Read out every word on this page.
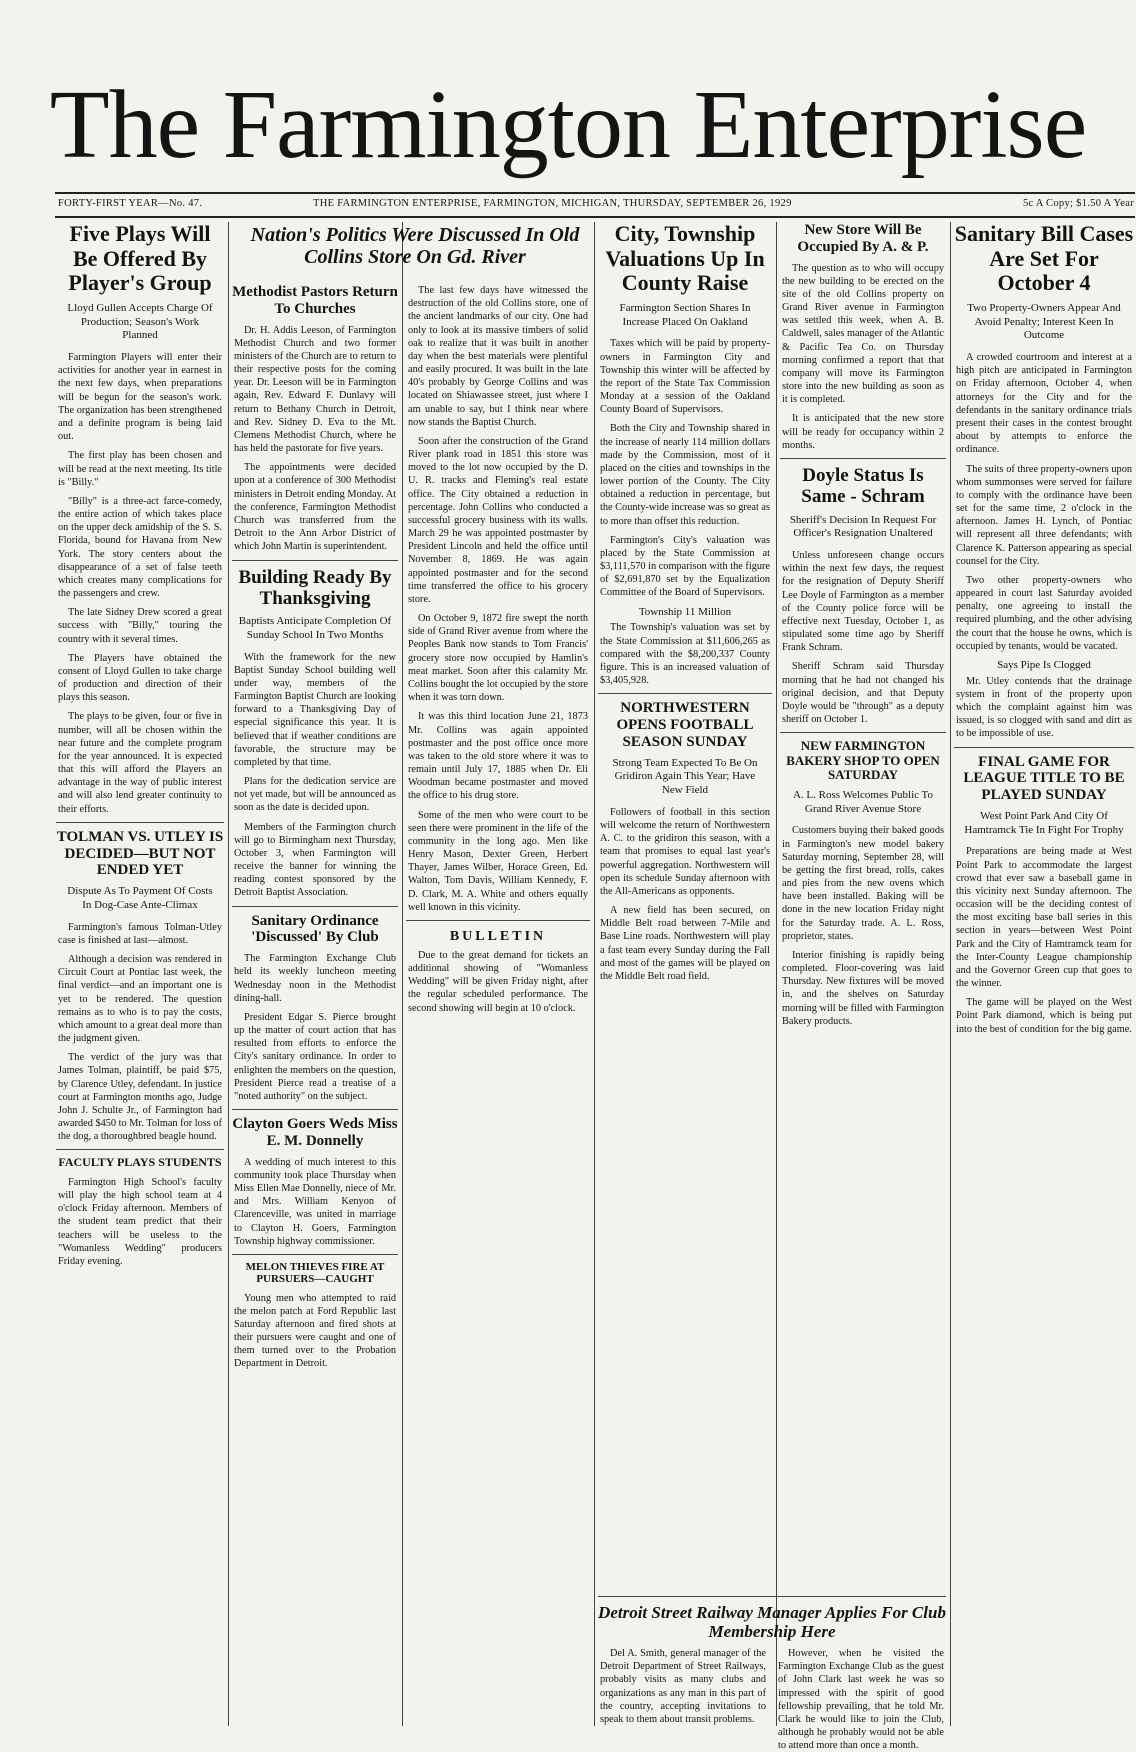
The Farmington Enterprise
FORTY-FIRST YEAR—No. 47.	THE FARMINGTON ENTERPRISE, FARMINGTON, MICHIGAN, THURSDAY, SEPTEMBER 26, 1929	5c A Copy; $1.50 A Year
Five Plays Will Be Offered By Player's Group
Lloyd Gullen Accepts Charge Of Production; Season's Work Planned

Farmington Players will enter their activities for another year in earnest in the next few days, when preparations will be begun for the season's work. The organization has been strengthened and a definite program is being laid out.

The first play has been chosen and will be read at the next meeting. Its title is "Billy."

"Billy" is a three-act farce-comedy, the entire action of which takes place on the upper deck amidship of the S. S. Florida, bound for Havana from New York. The story centers about the disappearance of a set of false teeth which creates many complications for the passengers and crew.

The late Sidney Drew scored a great success with "Billy," touring the country with it several times.

The Players have obtained the consent of Lloyd Gullen to take charge of production and direction of their plays this season.

The plays to be given, four or five in number, will all be chosen within the near future and the complete program for the year announced. It is expected that this will afford the Players an advantage in the way of public interest and will also lend greater continuity to their efforts.

TOLMAN VS. UTLEY IS DECIDED—BUT NOT ENDED YET
Dispute As To Payment Of Costs In Dog-Case Ante-Climax

Farmington's famous Tolman-Utley case is finished at last—almost.

Although a decision was rendered in Circuit Court at Pontiac last week, the final verdict—and an important one is yet to be rendered. The question remains as to who is to pay the costs, which amount to a great deal more than the judgment given.

The verdict of the jury was that James Tolman, plaintiff, be paid $75, by Clarence Utley, defendant. In justice court at Farmington months ago, Judge John J. Schulte Jr., of Farmington had awarded $450 to Mr. Tolman for loss of the dog, a thoroughbred beagle hound.

FACULTY PLAYS STUDENTS

Farmington High School's faculty will play the high school team at 4 o'clock Friday afternoon. Members of the student team predict that their teachers will be useless to the "Womanless Wedding" producers Friday evening.

Nation's Politics Were Discussed In Old Collins Store On Gd. River
Methodist Pastors Return To Churches

Dr. H. Addis Leeson, of Farmington Methodist Church and two former ministers of the Church are to return to their respective posts for the coming year. Dr. Leeson will be in Farmington again, Rev. Edward F. Dunlavy will return to Bethany Church in Detroit, and Rev. Sidney D. Eva to the Mt. Clemens Methodist Church, where he has held the pastorate for five years.

The appointments were decided upon at a conference of 300 Methodist ministers in Detroit ending Monday. At the conference, Farmington Methodist Church was transferred from the Detroit to the Ann Arbor District of which John Martin is superintendent.

Building Ready By Thanksgiving
Baptists Anticipate Completion Of Sunday School In Two Months

With the framework for the new Baptist Sunday School building well under way, members of the Farmington Baptist Church are looking forward to a Thanksgiving Day of especial significance this year. It is believed that if weather conditions are favorable, the structure may be completed by that time.

Plans for the dedication service are not yet made, but will be announced as soon as the date is decided upon.

Members of the Farmington church will go to Birmingham next Thursday, October 3, when Farmington will receive the banner for winning the reading contest sponsored by the Detroit Baptist Association.

Sanitary Ordinance 'Discussed' By Club

The Farmington Exchange Club held its weekly luncheon meeting Wednesday noon in the Methodist dining-hall.

President Edgar S. Pierce brought up the matter of court action that has resulted from efforts to enforce the City's sanitary ordinance. In order to enlighten the members on the question, President Pierce read a treatise of a "noted authority" on the subject.

Clayton Goers Weds Miss E. M. Donnelly

A wedding of much interest to this community took place Thursday when Miss Ellen Mae Donnelly, niece of Mr. and Mrs. William Kenyon of Clarenceville, was united in marriage to Clayton H. Goers, Farmington Township highway commissioner.

MELON THIEVES FIRE AT PURSUERS—CAUGHT

Young men who attempted to raid the melon patch at Ford Republic last Saturday afternoon and fired shots at their pursuers were caught and one of them turned over to the Probation Department in Detroit.

The last few days have witnessed the destruction of the old Collins store, one of the ancient landmarks of our city. One had only to look at its massive timbers of solid oak to realize that it was built in another day when the best materials were plentiful and easily procured. It was built in the late 40's probably by George Collins and was located on Shiawassee street, just where I am unable to say, but I think near where now stands the Baptist Church.

Soon after the construction of the Grand River plank road in 1851 this store was moved to the lot now occupied by the D. U. R. tracks and Fleming's real estate office. The City obtained a reduction in percentage. John Collins who conducted a successful grocery business with its walls. March 29 he was appointed postmaster by President Lincoln and held the office until November 8, 1869. He was again appointed postmaster and for the second time transferred the office to his grocery store.

On October 9, 1872 fire swept the north side of Grand River avenue from where the Peoples Bank now stands to Tom Francis' grocery store now occupied by Hamlin's meat market. Soon after this calamity Mr. Collins bought the lot occupied by the store when it was torn down.

It was this third location June 21, 1873 Mr. Collins was again appointed postmaster and the post office once more was taken to the old store where it was to remain until July 17, 1885 when Dr. Eli Woodman became postmaster and moved the office to his drug store.

Some of the men who were court to be seen there were prominent in the life of the community in the long ago. Men like Henry Mason, Dexter Green, Herbert Thayer, James Wilber, Horace Green, Ed. Walton, Tom Davis, William Kennedy, F. D. Clark, M. A. White and others equally well known in this vicinity.

BULLETIN

Due to the great demand for tickets an additional showing of "Womanless Wedding" will be given Friday night, after the regular scheduled performance. The second showing will begin at 10 o'clock.

City, Township Valuations Up In County Raise
Farmington Section Shares In Increase Placed On Oakland

Taxes which will be paid by property-owners in Farmington City and Township this winter will be affected by the report of the State Tax Commission Monday at a session of the Oakland County Board of Supervisors.

Both the City and Township shared in the increase of nearly 114 million dollars made by the Commission, most of it placed on the cities and townships in the lower portion of the County. The City obtained a reduction in percentage, but the County-wide increase was so great as to more than offset this reduction.

Farmington's City's valuation was placed by the State Commission at $3,111,570 in comparison with the figure of $2,691,870 set by the Equalization Committee of the Board of Supervisors.

Township 11 Million

The Township's valuation was set by the State Commission at $11,606,265 as compared with the $8,200,337 County figure. This is an increased valuation of $3,405,928.

NORTHWESTERN OPENS FOOTBALL SEASON SUNDAY
Strong Team Expected To Be On Gridiron Again This Year; Have New Field

Followers of football in this section will welcome the return of Northwestern A. C. to the gridiron this season, with a team that promises to equal last year's powerful aggregation. Northwestern will open its schedule Sunday afternoon with the All-Americans as opponents.

A new field has been secured, on Middle Belt road between 7-Mile and Base Line roads. Northwestern will play a fast team every Sunday during the Fall and most of the games will be played on the Middle Belt road field.

New Store Will Be Occupied By A. & P.

The question as to who will occupy the new building to be erected on the site of the old Collins property on Grand River avenue in Farmington was settled this week, when A. B. Caldwell, sales manager of the Atlantic & Pacific Tea Co. on Thursday morning confirmed a report that that company will move its Farmington store into the new building as soon as it is completed.

It is anticipated that the new store will be ready for occupancy within 2 months.

Doyle Status Is Same - Schram
Sheriff's Decision In Request For Officer's Resignation Unaltered

Unless unforeseen change occurs within the next few days, the request for the resignation of Deputy Sheriff Lee Doyle of Farmington as a member of the County police force will be effective next Tuesday, October 1, as stipulated some time ago by Sheriff Frank Schram.

Sheriff Schram said Thursday morning that he had not changed his original decision, and that Deputy Doyle would be "through" as a deputy sheriff on October 1.

NEW FARMINGTON BAKERY SHOP TO OPEN SATURDAY
A. L. Ross Welcomes Public To Grand River Avenue Store

Customers buying their baked goods in Farmington's new model bakery Saturday morning, September 28, will be getting the first bread, rolls, cakes and pies from the new ovens which have been installed. Baking will be done in the new location Friday night for the Saturday trade. A. L. Ross, proprietor, states.

Interior finishing is rapidly being completed. Floor-covering was laid Thursday. New fixtures will be moved in, and the shelves on Saturday morning will be filled with Farmington Bakery products.

Detroit Street Railway Manager Applies For Club Membership Here

Del A. Smith, general manager of the Detroit Department of Street Railways, probably visits as many clubs and organizations as any man in this part of the country, accepting invitations to speak to them about transit problems.

However, when he visited the Farmington Exchange Club as the guest of John Clark last week he was so impressed with the spirit of good fellowship prevailing, that he told Mr. Clark he would like to join the Club, although he probably would not be able to attend more than once a month.

Sanitary Bill Cases Are Set For October 4
Two Property-Owners Appear And Avoid Penalty; Interest Keen In Outcome

A crowded courtroom and interest at a high pitch are anticipated in Farmington on Friday afternoon, October 4, when attorneys for the City and for the defendants in the sanitary ordinance trials present their cases in the contest brought about by attempts to enforce the ordinance.

The suits of three property-owners upon whom summonses were served for failure to comply with the ordinance have been set for the same time, 2 o'clock in the afternoon. James H. Lynch, of Pontiac will represent all three defendants; with Clarence K. Patterson appearing as special counsel for the City.

Two other property-owners who appeared in court last Saturday avoided penalty, one agreeing to install the required plumbing, and the other advising the court that the house he owns, which is occupied by tenants, would be vacated.

Says Pipe Is Clogged

Mr. Utley contends that the drainage system in front of the property upon which the complaint against him was issued, is so clogged with sand and dirt as to be impossible of use.

FINAL GAME FOR LEAGUE TITLE TO BE PLAYED SUNDAY
West Point Park And City Of Hamtramck Tie In Fight For Trophy

Preparations are being made at West Point Park to accommodate the largest crowd that ever saw a baseball game in this vicinity next Sunday afternoon. The occasion will be the deciding contest of the most exciting base ball series in this section in years—between West Point Park and the City of Hamtramck team for the Inter-County League championship and the Governor Green cup that goes to the winner.

The game will be played on the West Point Park diamond, which is being put into the best of condition for the big game.
